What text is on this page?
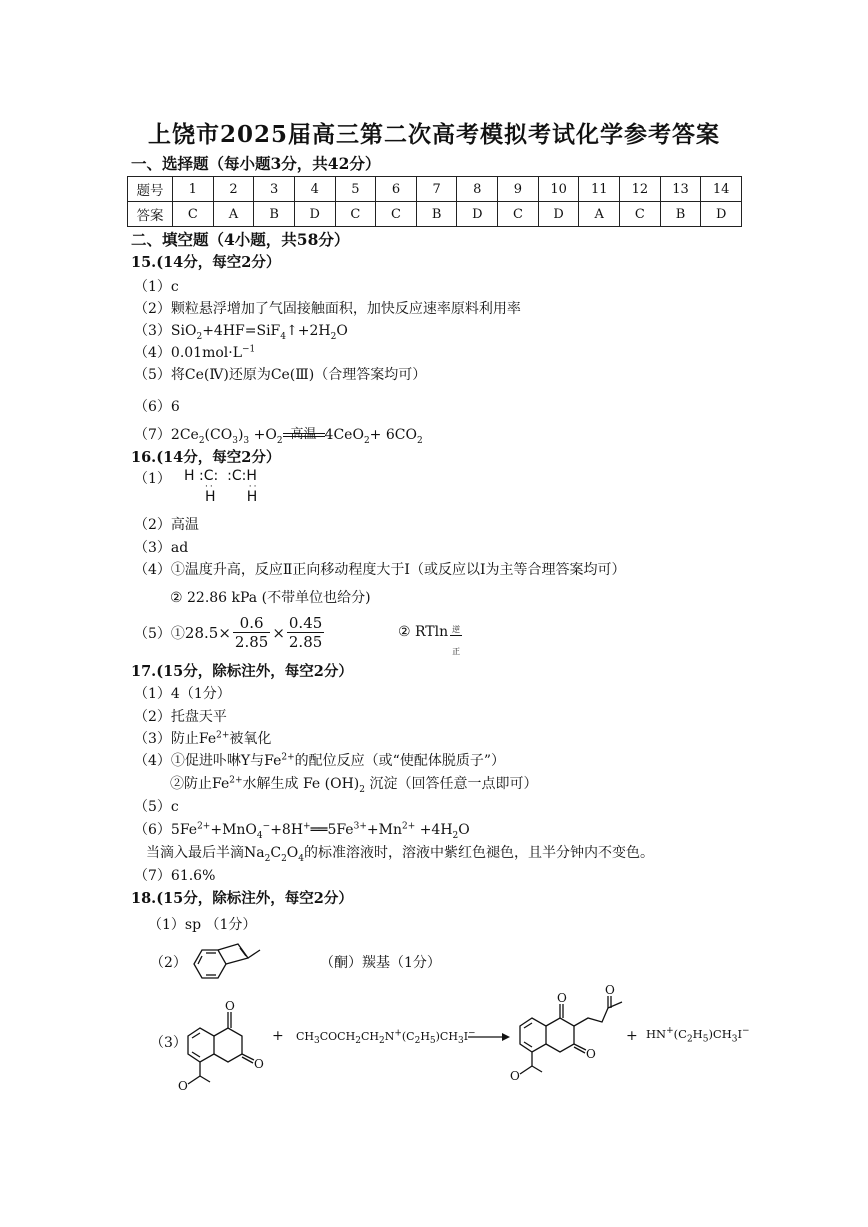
上饶市2025届高三第二次高考模拟考试化学参考答案
一、选择题（每小题3分，共42分）
题号	1	2	3	4	5	6	7	8	9	10	11	12	13	14
答案	C	A	B	D	C	C	B	D	C	D	A	C	B	D
二、填空题（4小题，共58分）
15.(14分，每空2分）
（1）c
（2）颗粒悬浮增加了气固接触面积，加快反应速率原料利用率
$(3)SiO_2+4HF=SiF_4↑+2H_2O$
$(4)0.01mol\cdot L^{-1}$
（5）将Ce(Ⅳ)还原为Ce(Ⅲ)（合理答案均可）
（6）6
$(7)2Ce_2(CO_3)_3 +O_2$ 高温 $4CeO_2+ 6CO_2$
16.(14分，每空2分）
（1） H :C:  :C:H
··       ··
H H
（2）高温
（3）ad
（4）①温度升高，反应Ⅱ正向移动程度大于Ⅰ（或反应以Ⅰ为主等合理答案均可）
② 22.86 kPa (不带单位也给分)
（5）① $28.5 \times \frac{0.6}{2.85} \times \frac{0.45}{2.85}$	② RTln $\frac{\text{逆}}{\text{正}}$
17.(15分，除标注外，每空2分）
（1）4（1分）
（2）托盘天平
（3）防止$Fe^{2+}$被氧化
（4）①促进卟啉Y与$Fe^{2+}$的配位反应（或“使配体脱质子”）
②防止$Fe^{2+}$水解生成 Fe $(OH)_2$ 沉淀（回答任意一点即可）
（5）c
$(6)5Fe^{2+}+MnO_4^-+8H^+══5Fe^{3+}+Mn^{2+} +4H_2O$
当滴入最后半滴$Na_2C_2O_4$的标准溶液时，溶液中紫红色褪色，且半分钟内不变色。
（7）61.6%
18.(15分，除标注外，每空2分）
（1）sp （1分）
（2）	（酮）羰基（1分）
（3）
O
O
O
+ $CH_3COCH_2CH_2N^+(C_2H_5)CH_3I^-$
O
O
O
O
+ $HN^+(C_2H_5)CH_3I^-$
